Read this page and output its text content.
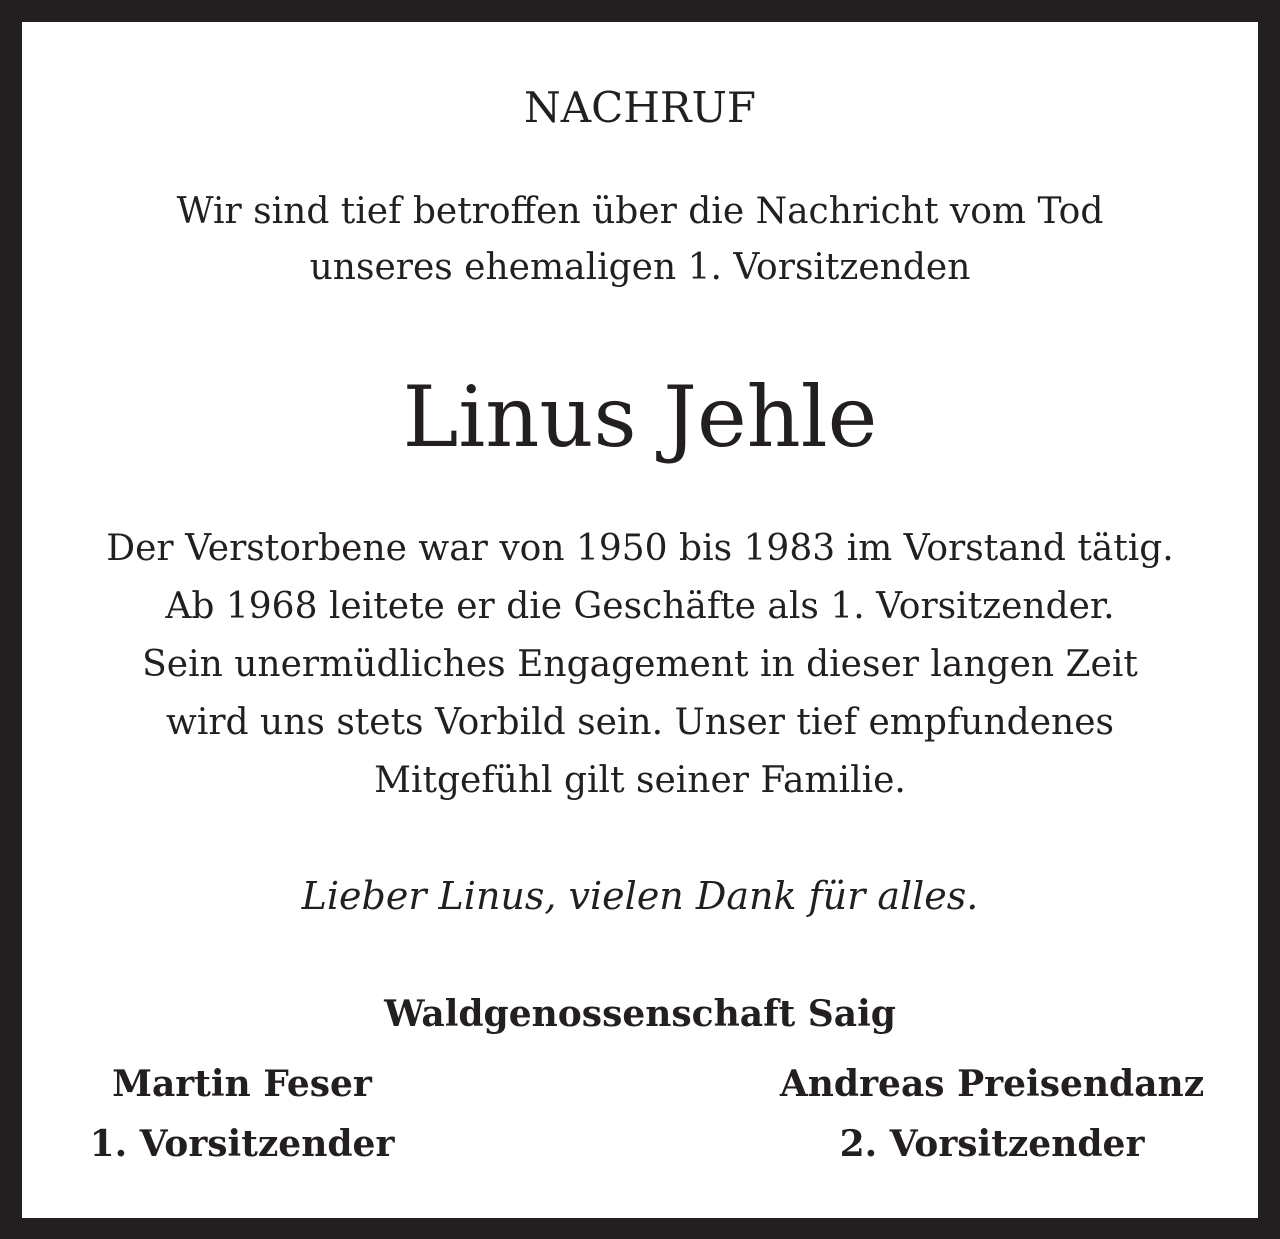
NACHRUF
Wir sind tief betroffen über die Nachricht vom Tod
unseres ehemaligen 1. Vorsitzenden
Linus Jehle
Der Verstorbene war von 1950 bis 1983 im Vorstand tätig.
Ab 1968 leitete er die Geschäfte als 1. Vorsitzender.
Sein unermüdliches Engagement in dieser langen Zeit
wird uns stets Vorbild sein. Unser tief empfundenes
Mitgefühl gilt seiner Familie.
Lieber Linus, vielen Dank für alles.
Waldgenossenschaft Saig
Martin Feser
1. Vorsitzender
Andreas Preisendanz
2. Vorsitzender
